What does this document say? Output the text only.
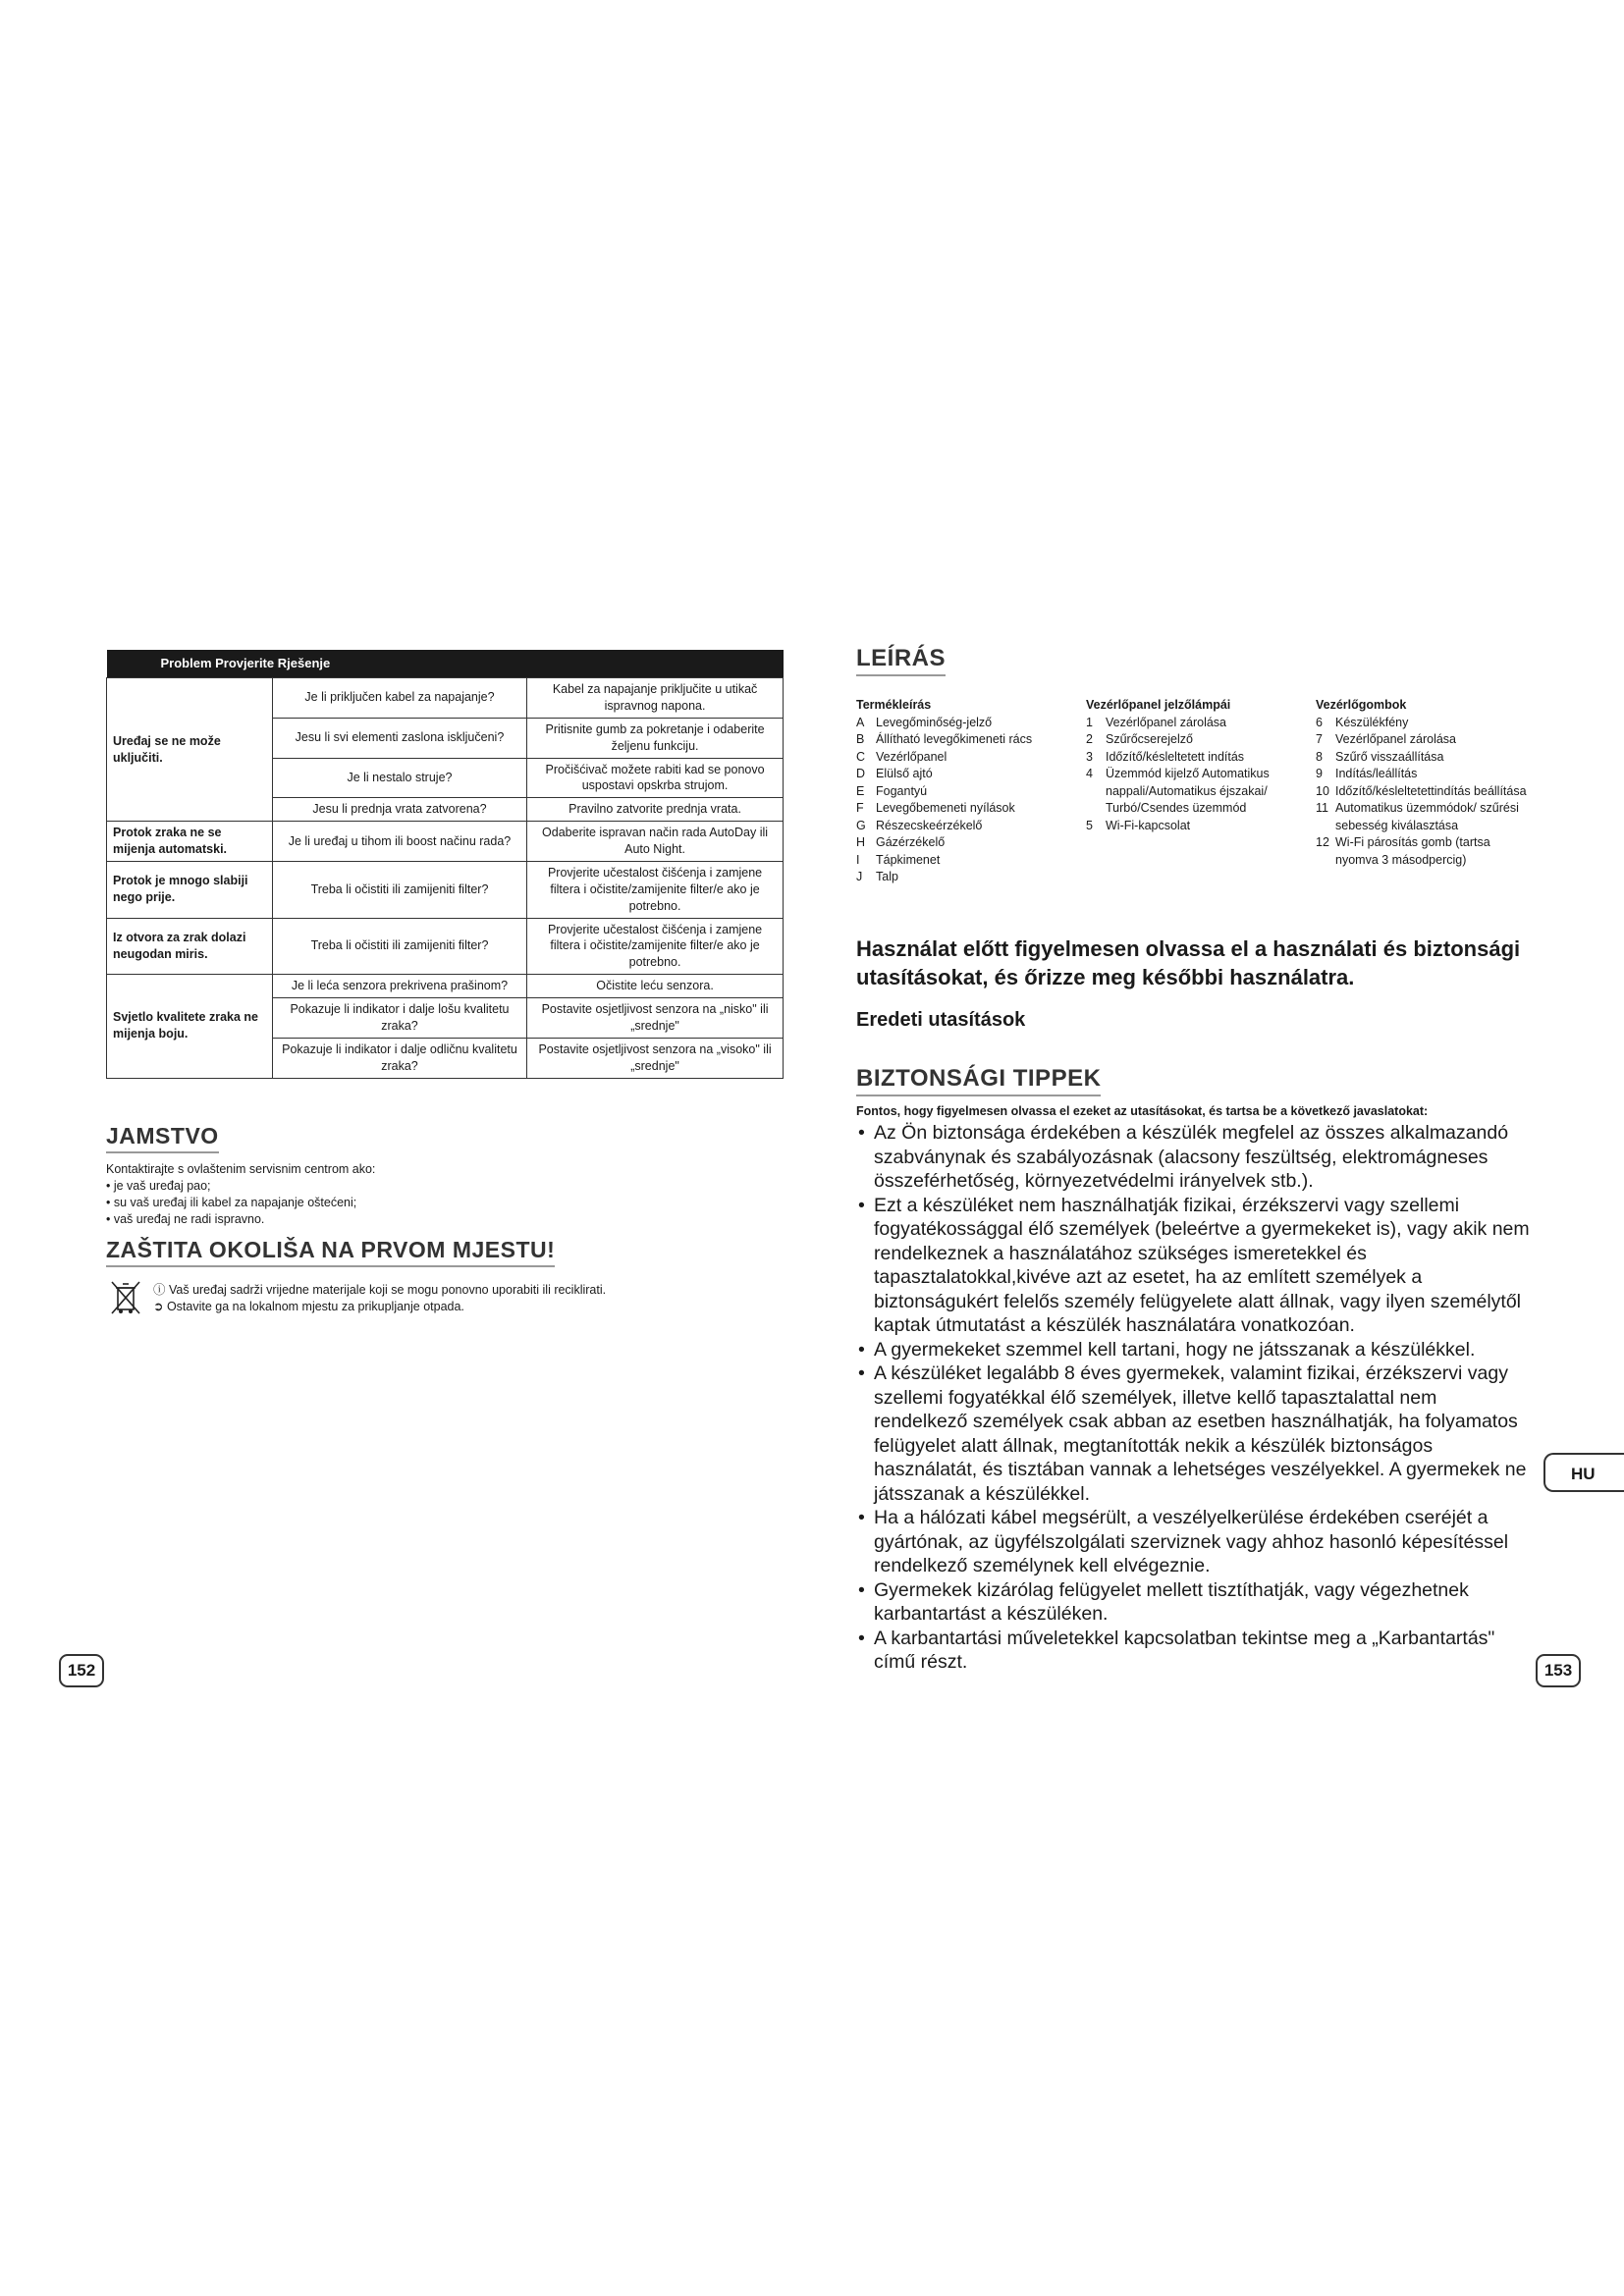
Problem Provjerite Rješenje		
Uređaj se ne može uključiti.	Je li priključen kabel za napajanje?	Kabel za napajanje priključite u utikač ispravnog napona.
	Jesu li svi elementi zaslona isključeni?	Pritisnite gumb za pokretanje i odaberite željenu funkciju.
	Je li nestalo struje?	Pročišćivač možete rabiti kad se ponovo uspostavi opskrba strujom.
	Jesu li prednja vrata zatvorena?	Pravilno zatvorite prednja vrata.
Protok zraka ne se mijenja automatski.	Je li uređaj u tihom ili boost načinu rada?	Odaberite ispravan način rada AutoDay ili Auto Night.
Protok je mnogo slabiji nego prije.	Treba li očistiti ili zamijeniti filter?	Provjerite učestalost čišćenja i zamjene filtera i očistite/zamijenite filter/e ako je potrebno.
Iz otvora za zrak dolazi neugodan miris.	Treba li očistiti ili zamijeniti filter?	Provjerite učestalost čišćenja i zamjene filtera i očistite/zamijenite filter/e ako je potrebno.
Svjetlo kvalitete zraka ne mijenja boju.	Je li leća senzora prekrivena prašinom?	Očistite leću senzora.
	Pokazuje li indikator i dalje lošu kvalitetu zraka?	Postavite osjetljivost senzora na „nisko" ili „srednje"
	Pokazuje li indikator i dalje odličnu kvalitetu zraka?	Postavite osjetljivost senzora na „visoko" ili „srednje"
JAMSTVO
Kontaktirajte s ovlaštenim servisnim centrom ako:
• je vaš uređaj pao;
• su vaš uređaj ili kabel za napajanje oštećeni;
• vaš uređaj ne radi ispravno.
ZAŠTITA OKOLIŠA NA PRVOM MJESTU!
ⓘ Vaš uređaj sadrži vrijedne materijale koji se mogu ponovno uporabiti ili reciklirati.
➲ Ostavite ga na lokalnom mjestu za prikupljanje otpada.
152
LEÍRÁS
Termékleírás
A Levegőminőség-jelző
B Állítható levegőkimeneti rács
C Vezérlőpanel
D Elülső ajtó
E Fogantyú
F Levegőbemeneti nyílások
G Részecskeérzékelő
H Gázérzékelő
I	Tápkimenet
J	Talp
Vezérlőpanel jelzőlámpái
1	Vezérlőpanel zárolása
2	Szűrőcserejelző
3	Időzítő/késleltetett indítás
4	Üzemmód kijelző Automatikus nappali/Automatikus éjszakai/ Turbó/Csendes üzemmód
5	Wi-Fi-kapcsolat
Vezérlőgombok
6	Készülékfény
7	Vezérlőpanel zárolása
8	Szűrő visszaállítása
9	Indítás/leállítás
10 Időzítő/késleltetettindítás beállítása
11 Automatikus üzemmódok/ szűrési sebesség kiválasztása
12 Wi-Fi párosítás gomb (tartsa nyomva 3 másodpercig)
Használat előtt figyelmesen olvassa el a használati és biztonsági utasításokat, és őrizze meg későbbi használatra.
Eredeti utasítások
BIZTONSÁGI TIPPEK
Fontos, hogy figyelmesen olvassa el ezeket az utasításokat, és tartsa be a következő javaslatokat:
• Az Ön biztonsága érdekében a készülék megfelel az összes alkalmazandó szabványnak és szabályozásnak (alacsony feszültség, elektromágneses összeférhetőség, környezetvédelmi irányelvek stb.).
• Ezt a készüléket nem használhatják fizikai, érzékszervi vagy szellemi fogyatékossággal élő személyek (beleértve a gyermekeket is), vagy akik nem rendelkeznek a használatához szükséges ismeretekkel és tapasztalatokkal,kivéve azt az esetet, ha az említett személyek a biztonságukért felelős személy felügyelete alatt állnak, vagy ilyen személytől kaptak útmutatást a készülék használatára vonatkozóan.
• A gyermekeket szemmel kell tartani, hogy ne játsszanak a készülékkel.
• A készüléket legalább 8 éves gyermekek, valamint fizikai, érzékszervi vagy szellemi fogyatékkal élő személyek, illetve kellő tapasztalattal nem rendelkező személyek csak abban az esetben használhatják, ha folyamatos felügyelet alatt állnak, megtanították nekik a készülék biztonságos használatát, és tisztában vannak a lehetséges veszélyekkel. A gyermekek ne játsszanak a készülékkel.
• Ha a hálózati kábel megsérült, a veszélyelkerülése érdekében cseréjét a gyártónak, az ügyfélszolgálati szerviznek vagy ahhoz hasonló képesítéssel rendelkező személynek kell elvégeznie.
• Gyermekek kizárólag felügyelet mellett tisztíthatják, vagy végezhetnek karbantartást a készüléken.
• A karbantartási műveletekkel kapcsolatban tekintse meg a „Karbantartás" című részt.
HU
153
